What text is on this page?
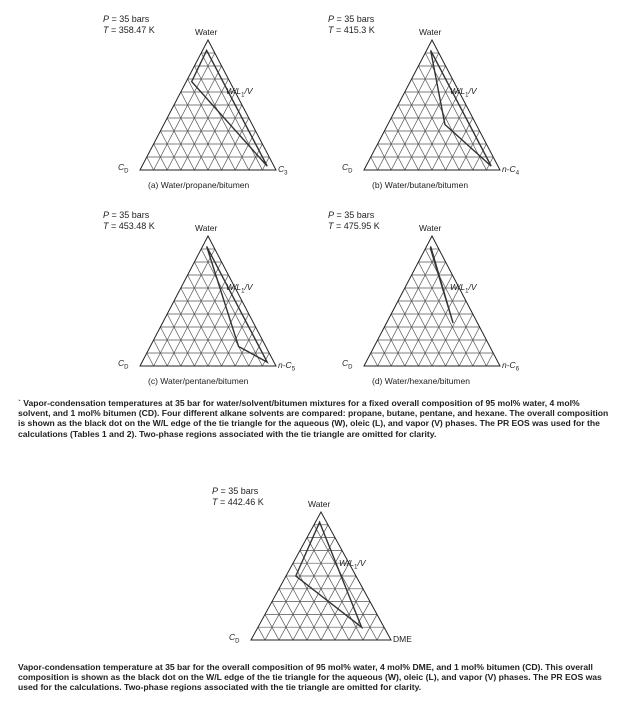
P = 35 bars
T = 358.47 K	Water
$C_D$	$C_3$
$W/L_1/V$
(a) Water/propane/bitumen
P = 35 bars
T = 415.3 K	Water
$C_D$	$n-C_4$
$W/L_1/V$
(b) Water/butane/bitumen
P = 35 bars
T = 453.48 K	Water
$C_D$	$n-C_5$
$W/L_1/V$
(c) Water/pentane/bitumen
P = 35 bars
T = 475.95 K	Water
$C_D$	$n-C_6$
$W/L_1/V$
(d) Water/hexane/bitumen
P = 35 bars
T = 442.46 K	Water
$C_D$	DME
$W/L_1/V$
` Vapor-condensation temperatures at 35 bar for water/solvent/bitumen mixtures for a fixed overall composition of 95 mol% water, 4 mol% solvent, and 1 mol% bitumen (CD). Four different alkane solvents are compared: propane, butane, pentane, and hexane. The overall composition is shown as the black dot on the W/L edge of the tie triangle for the aqueous (W), oleic (L), and vapor (V) phases. The PR EOS was used for the calculations (Tables 1 and 2). Two-phase regions associated with the tie triangle are omitted for clarity.
Vapor-condensation temperature at 35 bar for the overall composition of 95 mol% water, 4 mol% DME, and 1 mol% bitumen (CD). This overall composition is shown as the black dot on the W/L edge of the tie triangle for the aqueous (W), oleic (L), and vapor (V) phases. The PR EOS was used for the calculations. Two-phase regions associated with the tie triangle are omitted for clarity.
